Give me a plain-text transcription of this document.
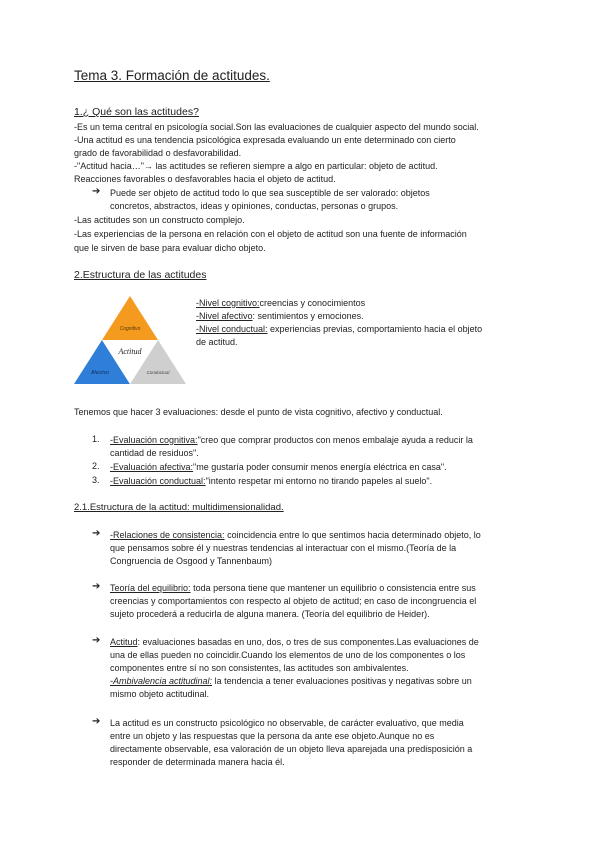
Tema 3. Formación de actitudes.
1.¿ Qué son las actitudes?
-Es un tema central en psicología social.Son las evaluaciones de cualquier aspecto del mundo social.
-Una actitud es una tendencia psicológica expresada evaluando un ente determinado con cierto
grado de favorabilidad o desfavorabilidad.
-"Actitud hacia…"→ las actitudes se refieren siempre a algo en particular: objeto de actitud.
Reacciones favorables o desfavorables hacia el objeto de actitud.
➔ Puede ser objeto de actitud todo lo que sea susceptible de ser valorado: objetos
concretos, abstractos, ideas y opiniones, conductas, personas o grupos.
-Las actitudes son un constructo complejo.
-Las experiencias de la persona en relación con el objeto de actitud son una fuente de información
que le sirven de base para evaluar dicho objeto.
2.Estructura de las actitudes
Cognitivo
Actitud
Afectivo	Conductual
-Nivel cognitivo:creencias y conocimientos
-Nivel afectivo: sentimientos y emociones.
-Nivel conductual: experiencias previas, comportamiento hacia el objeto
de actitud.
Tenemos que hacer 3 evaluaciones: desde el punto de vista cognitivo, afectivo y conductual.
1. -Evaluación cognitiva:"creo que comprar productos con menos embalaje ayuda a reducir la
cantidad de residuos".
2. -Evaluación afectiva:"me gustaría poder consumir menos energía eléctrica en casa".
3. -Evaluación conductual:"intento respetar mi entorno no tirando papeles al suelo".
2.1.Estructura de la actitud: multidimensionalidad.
➔ -Relaciones de consistencia: coincidencia entre lo que sentimos hacia determinado objeto, lo
que pensamos sobre él y nuestras tendencias al interactuar con el mismo.(Teoría de la
Congruencia de Osgood y Tannenbaum)
➔ Teoría del equilibrio: toda persona tiene que mantener un equilibrio o consistencia entre sus
creencias y comportamientos con respecto al objeto de actitud; en caso de incongruencia el
sujeto procederá a reducirla de alguna manera. (Teoría del equilibrio de Heider).
➔ Actitud: evaluaciones basadas en uno, dos, o tres de sus componentes.Las evaluaciones de
una de ellas pueden no coincidir.Cuando los elementos de uno de los componentes o los
componentes entre sí no son consistentes, las actitudes son ambivalentes.
-Ambivalencia actitudinal: la tendencia a tener evaluaciones positivas y negativas sobre un
mismo objeto actitudinal.
➔ La actitud es un constructo psicológico no observable, de carácter evaluativo, que media
entre un objeto y las respuestas que la persona da ante ese objeto.Aunque no es
directamente observable, esa valoración de un objeto lleva aparejada una predisposición a
responder de determinada manera hacia él.
